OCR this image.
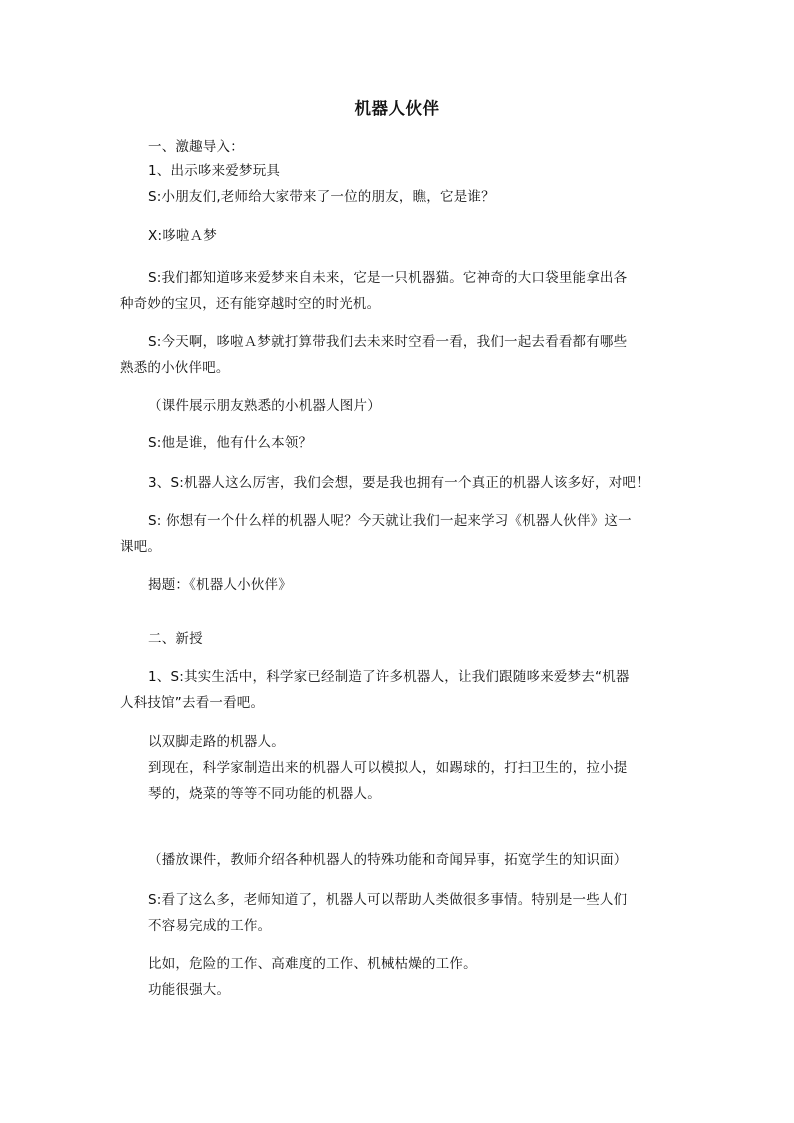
机器人伙伴
一、激趣导入：
1、出示哆来爱梦玩具
S:小朋友们,老师给大家带来了一位的朋友，瞧，它是谁？
X:哆啦Ａ梦
S:我们都知道哆来爱梦来自未来，它是一只机器猫。它神奇的大口袋里能拿出各
种奇妙的宝贝，还有能穿越时空的时光机。
S:今天啊，哆啦Ａ梦就打算带我们去未来时空看一看，我们一起去看看都有哪些
熟悉的小伙伴吧。
（课件展示朋友熟悉的小机器人图片）
S:他是谁，他有什么本领？
3、S:机器人这么厉害，我们会想，要是我也拥有一个真正的机器人该多好，对吧！
S: 你想有一个什么样的机器人呢？今天就让我们一起来学习《机器人伙伴》这一
课吧。
揭题：《机器人小伙伴》
二、新授
1、S:其实生活中，科学家已经制造了许多机器人，让我们跟随哆来爱梦去“机器
人科技馆”去看一看吧。
以双脚走路的机器人。
到现在，科学家制造出来的机器人可以模拟人，如踢球的，打扫卫生的，拉小提
琴的，烧菜的等等不同功能的机器人。
（播放课件，教师介绍各种机器人的特殊功能和奇闻异事，拓宽学生的知识面）
S:看了这么多，老师知道了，机器人可以帮助人类做很多事情。特别是一些人们
不容易完成的工作。
比如，危险的工作、高难度的工作、机械枯燥的工作。
功能很强大。
